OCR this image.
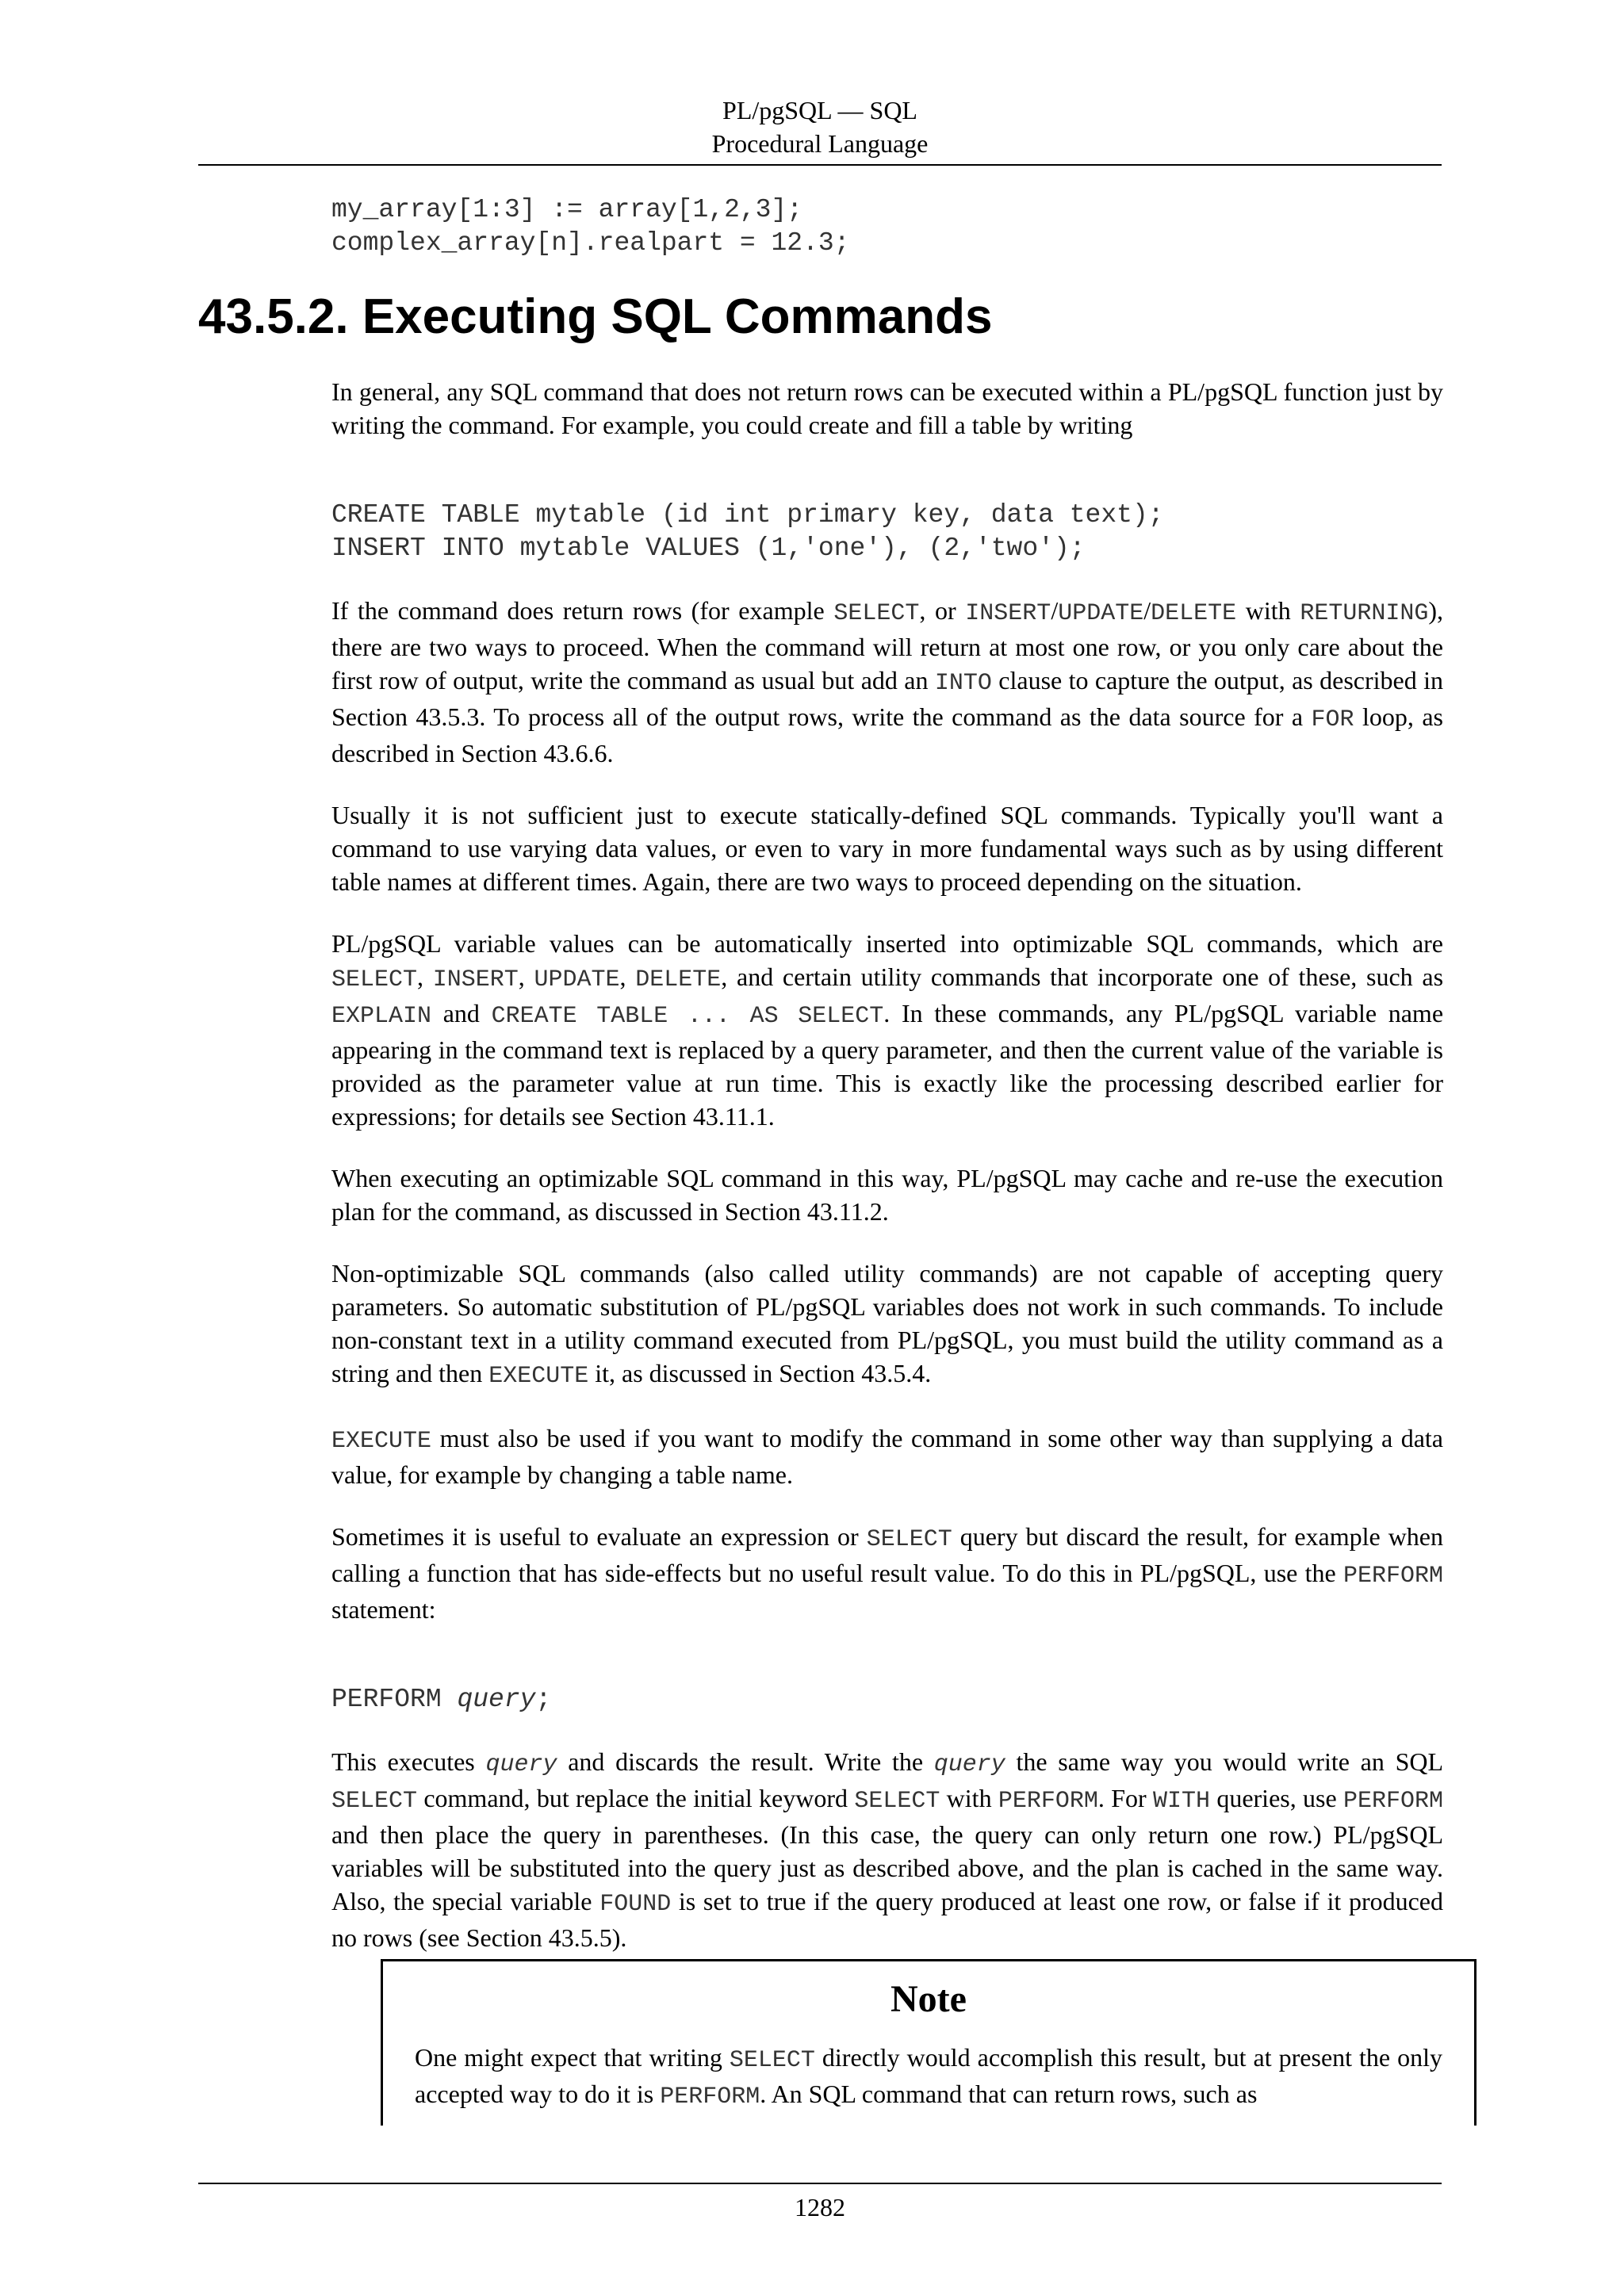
PL/pgSQL — SQL
Procedural Language
my_array[1:3] := array[1,2,3];
complex_array[n].realpart = 12.3;
43.5.2. Executing SQL Commands

In general, any SQL command that does not return rows can be executed within a PL/pgSQL function just by writing the command. For example, you could create and fill a table by writing

CREATE TABLE mytable (id int primary key, data text);
INSERT INTO mytable VALUES (1,'one'), (2,'two');

If the command does return rows (for example SELECT, or INSERT/UPDATE/DELETE with RETURNING), there are two ways to proceed. When the command will return at most one row, or you only care about the first row of output, write the command as usual but add an INTO clause to capture the output, as described in Section 43.5.3. To process all of the output rows, write the command as the data source for a FOR loop, as described in Section 43.6.6.

Usually it is not sufficient just to execute statically-defined SQL commands. Typically you'll want a command to use varying data values, or even to vary in more fundamental ways such as by using different table names at different times. Again, there are two ways to proceed depending on the situation.

PL/pgSQL variable values can be automatically inserted into optimizable SQL commands, which are SELECT, INSERT, UPDATE, DELETE, and certain utility commands that incorporate one of these, such as EXPLAIN and CREATE TABLE ... AS SELECT. In these commands, any PL/pgSQL variable name appearing in the command text is replaced by a query parameter, and then the current value of the variable is provided as the parameter value at run time. This is exactly like the processing described earlier for expressions; for details see Section 43.11.1.

When executing an optimizable SQL command in this way, PL/pgSQL may cache and re-use the execution plan for the command, as discussed in Section 43.11.2.

Non-optimizable SQL commands (also called utility commands) are not capable of accepting query parameters. So automatic substitution of PL/pgSQL variables does not work in such commands. To include non-constant text in a utility command executed from PL/pgSQL, you must build the utility command as a string and then EXECUTE it, as discussed in Section 43.5.4.

EXECUTE must also be used if you want to modify the command in some other way than supplying a data value, for example by changing a table name.

Sometimes it is useful to evaluate an expression or SELECT query but discard the result, for example when calling a function that has side-effects but no useful result value. To do this in PL/pgSQL, use the PERFORM statement:

PERFORM query;

This executes query and discards the result. Write the query the same way you would write an SQL SELECT command, but replace the initial keyword SELECT with PERFORM. For WITH queries, use PERFORM and then place the query in parentheses. (In this case, the query can only return one row.) PL/pgSQL variables will be substituted into the query just as described above, and the plan is cached in the same way. Also, the special variable FOUND is set to true if the query produced at least one row, or false if it produced no rows (see Section 43.5.5).

Note

One might expect that writing SELECT directly would accomplish this result, but at present the only accepted way to do it is PERFORM. An SQL command that can return rows, such as

1282
